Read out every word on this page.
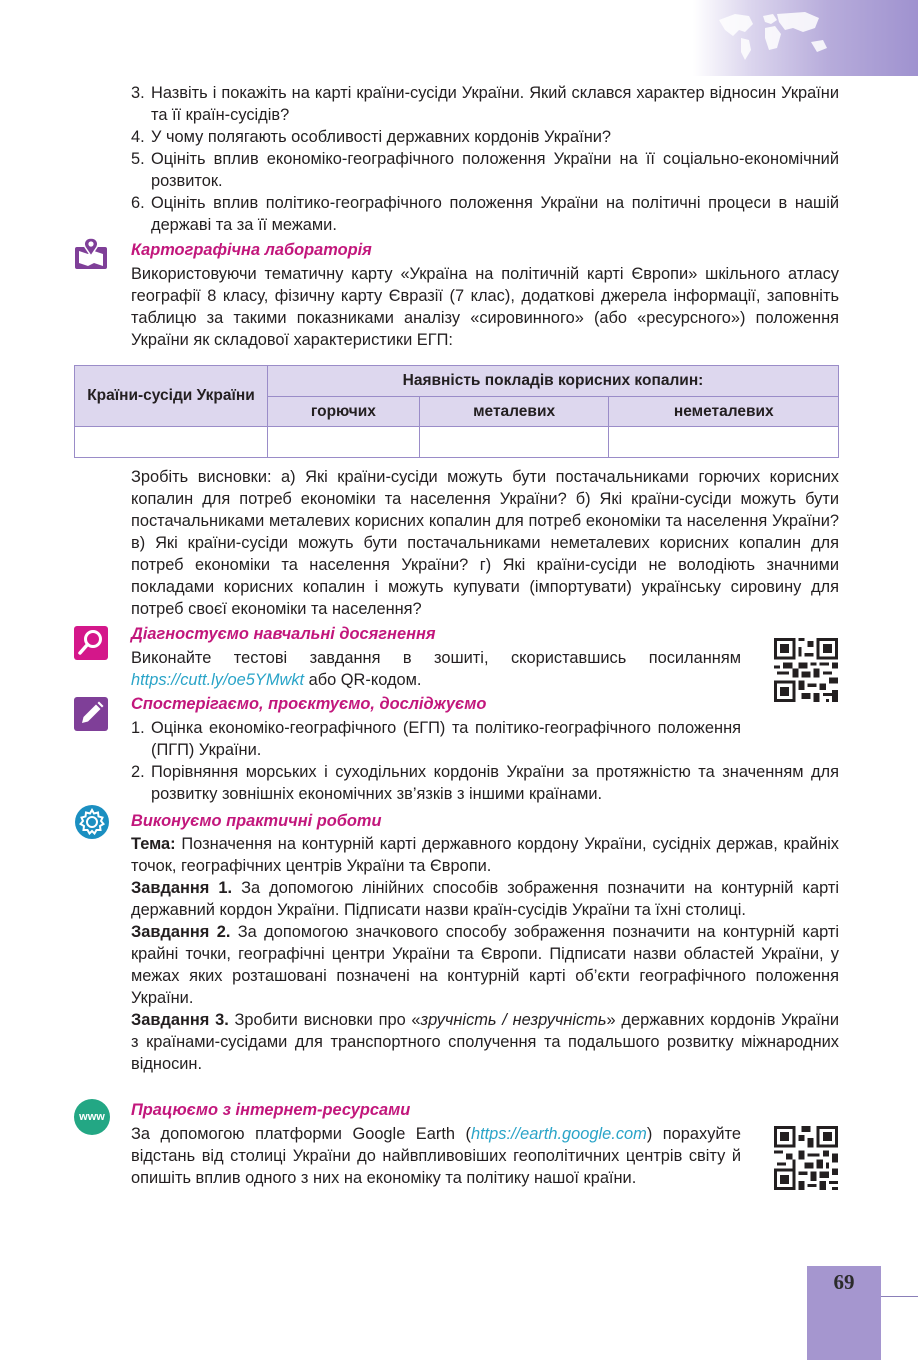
3. Назвіть і покажіть на карті країни-сусіди України. Який склався характер відносин України та її країн-сусідів?
4. У чому полягають особливості державних кордонів України?
5. Оцініть вплив економіко-географічного положення України на її соціально-економічний розвиток.
6. Оцініть вплив політико-географічного положення України на політичні процеси в нашій державі та за її межами.
Картографічна лабораторія
Використовуючи тематичну карту «Україна на політичній карті Європи» шкільного атласу географії 8 класу, фізичну карту Євразії (7 клас), додаткові джерела інформації, заповніть таблицю за такими показниками аналізу «сировинного» (або «ресурсного») положення України як складової характеристики ЕГП:
Країни-сусіди України	Наявність покладів корисних копалин:		
	горючих	металевих	неметалевих

Зробіть висновки: а) Які країни-сусіди можуть бути постачальниками горючих корисних копалин для потреб економіки та населення України? б) Які країни-сусіди можуть бути постачальниками металевих корисних копалин для потреб економіки та населення України? в) Які країни-сусіди можуть бути постачальниками неметалевих корисних копалин для потреб економіки та населення України? г) Які країни-сусіди не володіють значними покладами корисних копалин і можуть купувати (імпортувати) українську сировину для потреб своєї економіки та населення?
Діагностуємо навчальні досягнення
Виконайте тестові завдання в зошиті, скориставшись посиланням https://cutt.ly/oe5YMwkt або QR-кодом.
Спостерігаємо, проєктуємо, досліджуємо
1. Оцінка економіко-географічного (ЕГП) та політико-географічного положення (ПГП) України.
2. Порівняння морських і суходільних кордонів України за протяжністю та значенням для розвитку зовнішніх економічних зв’язків з іншими країнами.
Виконуємо практичні роботи
Тема: Позначення на контурній карті державного кордону України, сусідніх держав, крайніх точок, географічних центрів України та Європи.
Завдання 1. За допомогою лінійних способів зображення позначити на контурній карті державний кордон України. Підписати назви країн-сусідів України та їхні столиці.
Завдання 2. За допомогою значкового способу зображення позначити на контурній карті крайні точки, географічні центри України та Європи. Підписати назви областей України, у межах яких розташовані позначені на контурній карті об’єкти географічного положення України.
Завдання 3. Зробити висновки про «зручність / незручність» державних кордонів України з країнами-сусідами для транспортного сполучення та подальшого розвитку міжнародних відносин.
www	Працюємо з інтернет-ресурсами
За допомогою платформи Google Earth (https://earth.google.com) порахуйте відстань від столиці України до найвпливовіших геополітичних центрів світу й опишіть вплив одного з них на економіку та політику нашої країни.
69
